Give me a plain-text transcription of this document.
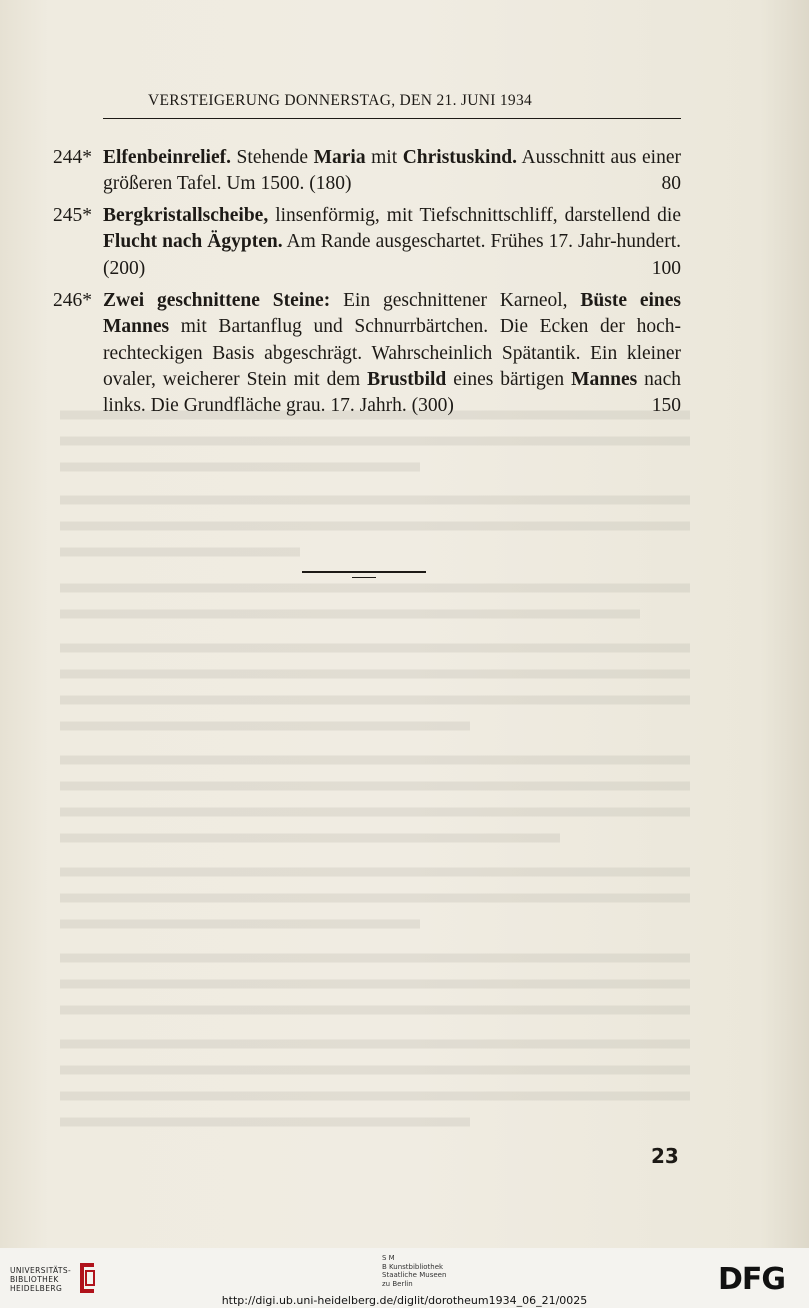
VERSTEIGERUNG DONNERSTAG, DEN 21. JUNI 1934
244* Elfenbeinrelief. Stehende Maria mit Christuskind. Ausschnitt aus einer größeren Tafel. Um 1500. (180)	80
245* Bergkristallscheibe, linsenförmig, mit Tiefschnittschliff, darstellend die Flucht nach Ägypten. Am Rande ausgeschartet. Frühes 17. Jahr-hundert. (200)	100
246* Zwei geschnittene Steine: Ein geschnittener Karneol, Büste eines Mannes mit Bartanflug und Schnurrbärtchen. Die Ecken der hoch-rechteckigen Basis abgeschrägt. Wahrscheinlich Spätantik. Ein kleiner ovaler, weicherer Stein mit dem Brustbild eines bärtigen Mannes nach links. Die Grundfläche grau. 17. Jahrh. (300)	150
23
UNIVERSITÄTS-
BIBLIOTHEK
HEIDELBERG
S M
B Kunstbibliothek
Staatliche Museen
zu Berlin	DFG
http://digi.ub.uni-heidelberg.de/diglit/dorotheum1934_06_21/0025
